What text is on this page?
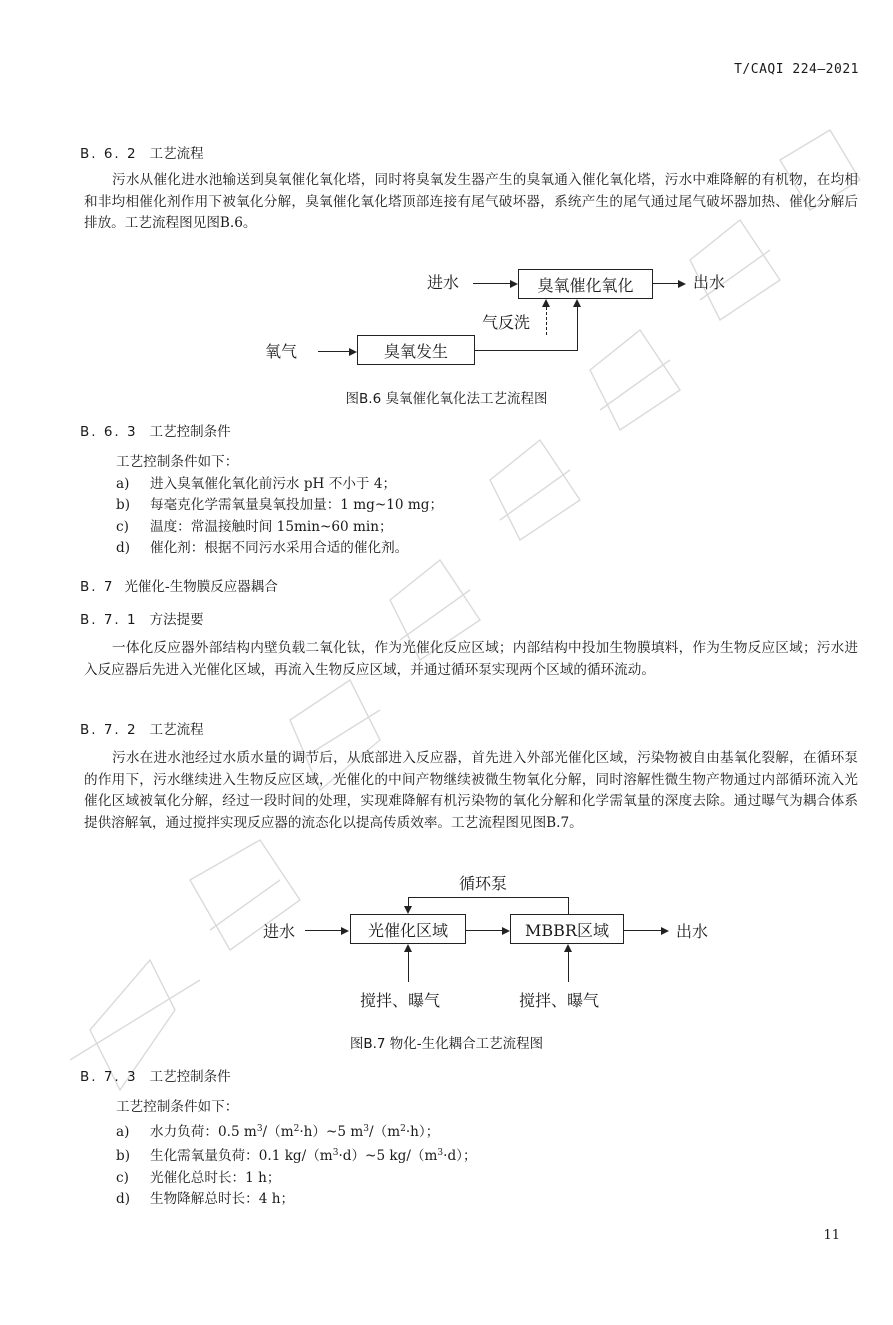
T/CAQI 224—2021
B. 6. 2 工艺流程
污水从催化进水池输送到臭氧催化氧化塔，同时将臭氧发生器产生的臭氧通入催化氧化塔，污水中难降解的有机物，在均相和非均相催化剂作用下被氧化分解，臭氧催化氧化塔顶部连接有尾气破坏器，系统产生的尾气通过尾气破坏器加热、催化分解后排放。工艺流程图见图B.6。
进水	臭氧催化氧化	出水
气反洗
氧气	臭氧发生
图B.6 臭氧催化氧化法工艺流程图
B. 6. 3 工艺控制条件
工艺控制条件如下：
a) 进入臭氧催化氧化前污水 pH 不小于 4；
b) 每毫克化学需氧量臭氧投加量：1 mg~10 mg；
c) 温度：常温接触时间 15min~60 min；
d) 催化剂：根据不同污水采用合适的催化剂。
B. 7 光催化-生物膜反应器耦合
B. 7. 1 方法提要
一体化反应器外部结构内壁负载二氧化钛，作为光催化反应区域；内部结构中投加生物膜填料，作为生物反应区域；污水进入反应器后先进入光催化区域，再流入生物反应区域，并通过循环泵实现两个区域的循环流动。
B. 7. 2 工艺流程
污水在进水池经过水质水量的调节后，从底部进入反应器，首先进入外部光催化区域，污染物被自由基氧化裂解，在循环泵的作用下，污水继续进入生物反应区域，光催化的中间产物继续被微生物氧化分解，同时溶解性微生物产物通过内部循环流入光催化区域被氧化分解，经过一段时间的处理，实现难降解有机污染物的氧化分解和化学需氧量的深度去除。通过曝气为耦合体系提供溶解氧，通过搅拌实现反应器的流态化以提高传质效率。工艺流程图见图B.7。
循环泵
进水	光催化区域	MBBR区域	出水
搅拌、曝气	搅拌、曝气
图B.7 物化-生化耦合工艺流程图
B. 7. 3 工艺控制条件
工艺控制条件如下：
a) 水力负荷：0.5 $m^3/(m^2\cdot h)\sim 5$ $m^3/(m^2\cdot h)$；
b) 生化需氧量负荷：0.1 $kg/(m^3\cdot d)\sim 5$ $kg/(m^3\cdot d)$；
c) 光催化总时长：1 h；
d) 生物降解总时长：4 h；
11
